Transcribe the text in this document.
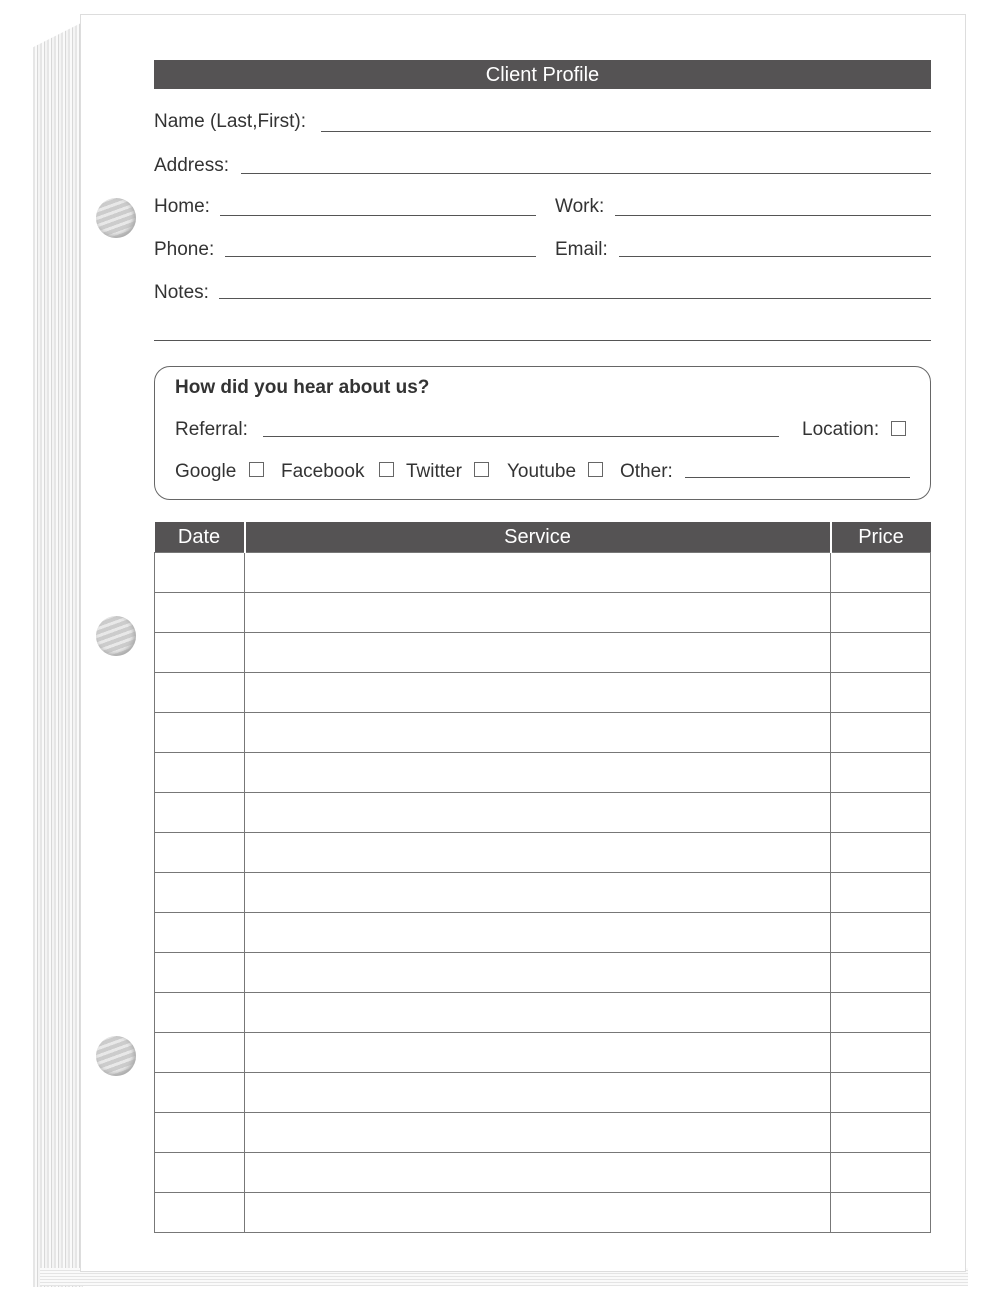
Client Profile
Name (Last,First):
Address:
Home:	Work:
Phone:	Email:
Notes:
How did you hear about us?
Referral:	Location:
Google Facebook Twitter Youtube Other:
Date	Service	Price
